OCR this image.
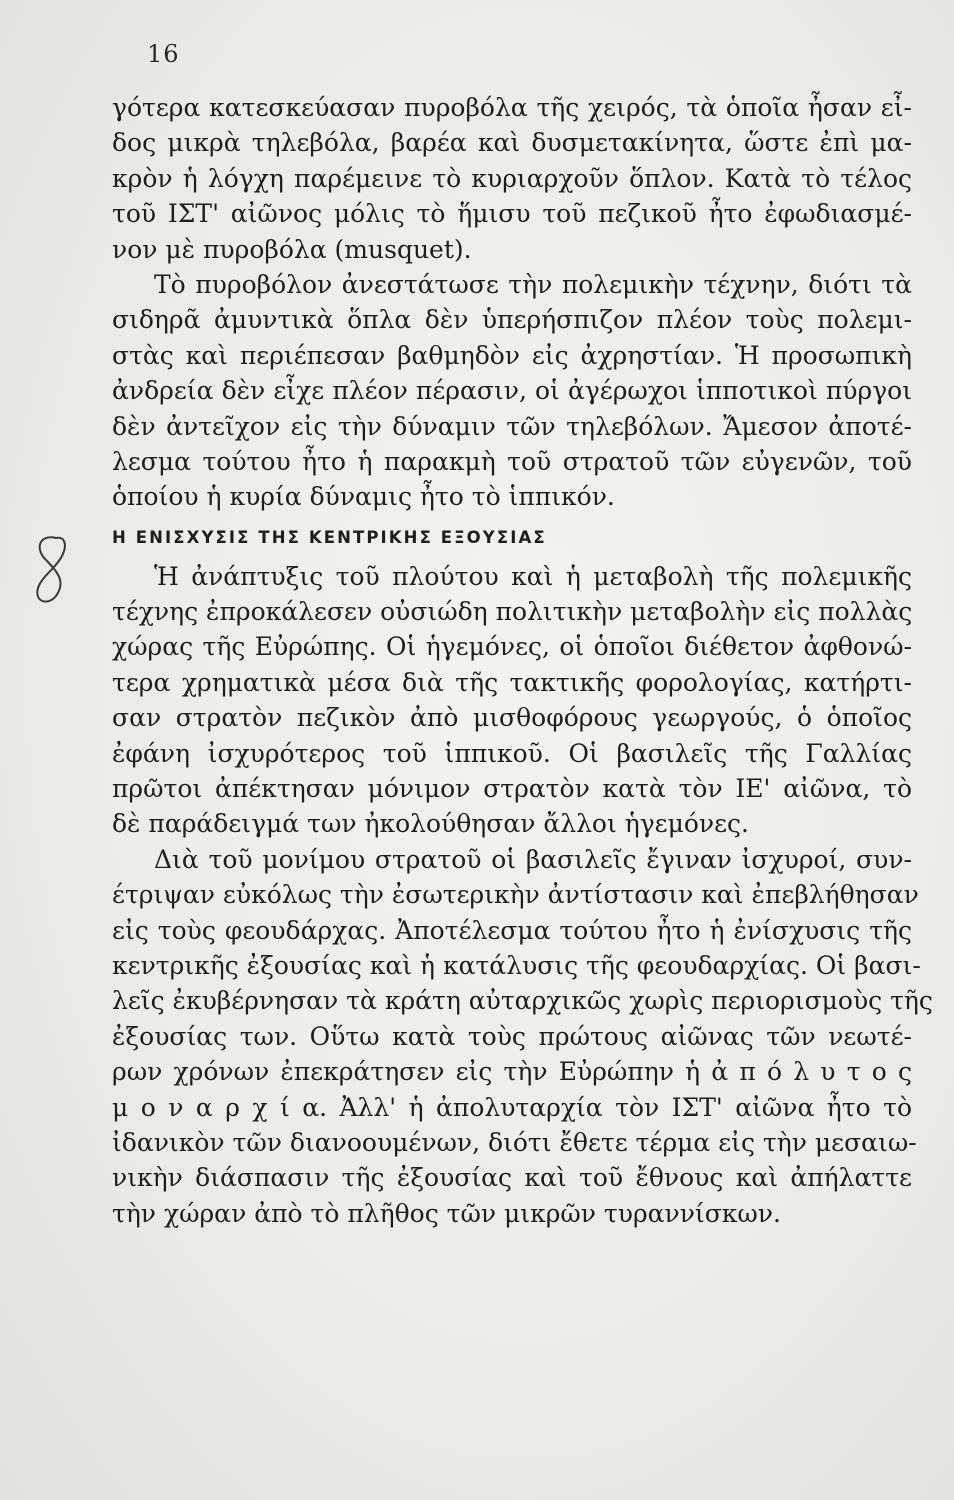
16
γότερα κατεσκεύασαν πυροβόλα τῆς χειρός, τὰ ὁποῖα ἦσαν εἶ-
δος μικρὰ τηλεβόλα, βαρέα καὶ δυσμετακίνητα, ὥστε ἐπὶ μα-
κρὸν ἡ λόγχη παρέμεινε τὸ κυριαρχοῦν ὅπλον. Κατὰ τὸ τέλος
τοῦ ΙΣΤ' αἰῶνος μόλις τὸ ἥμισυ τοῦ πεζικοῦ ἦτο ἐφωδιασμέ-
νον μὲ πυροβόλα (musquet).
Τὸ πυροβόλον ἀνεστάτωσε τὴν πολεμικὴν τέχνην, διότι τὰ
σιδηρᾶ ἀμυντικὰ ὅπλα δὲν ὑπερήσπιζον πλέον τοὺς πολεμι-
στὰς καὶ περιέπεσαν βαθμηδὸν εἰς ἀχρηστίαν. Ἡ προσωπικὴ
ἀνδρεία δὲν εἶχε πλέον πέρασιν, οἱ ἀγέρωχοι ἱπποτικοὶ πύργοι
δὲν ἀντεῖχον εἰς τὴν δύναμιν τῶν τηλεβόλων. Ἄμεσον ἀποτέ-
λεσμα τούτου ἦτο ἡ παρακμὴ τοῦ στρατοῦ τῶν εὐγενῶν, τοῦ
ὁποίου ἡ κυρία δύναμις ἦτο τὸ ἱππικόν.
Η ΕΝΙΣΧΥΣΙΣ ΤΗΣ ΚΕΝΤΡΙΚΗΣ ΕΞΟΥΣΙΑΣ
Ἡ ἀνάπτυξις τοῦ πλούτου καὶ ἡ μεταβολὴ τῆς πολεμικῆς
τέχνης ἐπροκάλεσεν οὐσιώδη πολιτικὴν μεταβολὴν εἰς πολλὰς
χώρας τῆς Εὐρώπης. Οἱ ἡγεμόνες, οἱ ὁποῖοι διέθετον ἀφθονώ-
τερα χρηματικὰ μέσα διὰ τῆς τακτικῆς φορολογίας, κατήρτι-
σαν στρατὸν πεζικὸν ἀπὸ μισθοφόρους γεωργούς, ὁ ὁποῖος
ἐφάνη ἰσχυρότερος τοῦ ἱππικοῦ. Οἱ βασιλεῖς τῆς Γαλλίας
πρῶτοι ἀπέκτησαν μόνιμον στρατὸν κατὰ τὸν ΙΕ' αἰῶνα, τὸ
δὲ παράδειγμά των ἠκολούθησαν ἄλλοι ἡγεμόνες.
Διὰ τοῦ μονίμου στρατοῦ οἱ βασιλεῖς ἔγιναν ἰσχυροί, συν-
έτριψαν εὐκόλως τὴν ἐσωτερικὴν ἀντίστασιν καὶ ἐπεβλήθησαν
εἰς τοὺς φεουδάρχας. Ἀποτέλεσμα τούτου ἦτο ἡ ἐνίσχυσις τῆς
κεντρικῆς ἐξουσίας καὶ ἡ κατάλυσις τῆς φεουδαρχίας. Οἱ βασι-
λεῖς ἐκυβέρνησαν τὰ κράτη αὐταρχικῶς χωρὶς περιορισμοὺς τῆς
ἐξουσίας των. Οὕτω κατὰ τοὺς πρώτους αἰῶνας τῶν νεωτέ-
ρων χρόνων ἐπεκράτησεν εἰς τὴν Εὐρώπην ἡ ἀ π ό λ υ τ ο ς
μ ο ν α ρ χ ί α. Ἀλλ' ἡ ἀπολυταρχία τὸν ΙΣΤ' αἰῶνα ἦτο τὸ
ἰδανικὸν τῶν διανοουμένων, διότι ἔθετε τέρμα εἰς τὴν μεσαιω-
νικὴν διάσπασιν τῆς ἐξουσίας καὶ τοῦ ἔθνους καὶ ἀπήλαττε
τὴν χώραν ἀπὸ τὸ πλῆθος τῶν μικρῶν τυραννίσκων.
